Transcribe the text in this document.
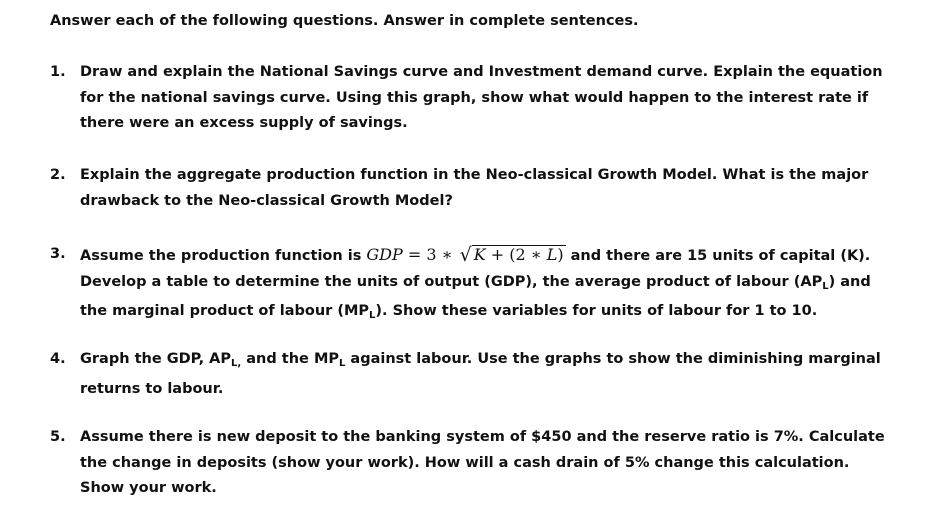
Answer each of the following questions. Answer in complete sentences.
1. Draw and explain the National Savings curve and Investment demand curve. Explain the equation
for the national savings curve. Using this graph, show what would happen to the interest rate if
there were an excess supply of savings.
2. Explain the aggregate production function in the Neo-classical Growth Model. What is the major
drawback to the Neo-classical Growth Model?
3. Assume the production function is GDP = 3 ∗ √ K + (2 ∗ L) and there are 15 units of capital (K).
Develop a table to determine the units of output (GDP), the average product of labour $(AP_L)$ and
the marginal product of labour $(MP_L)$. Show these variables for units of labour for 1 to 10.
4. Graph the GDP, $AP_{L,}$ and the $MP_L$ against labour. Use the graphs to show the diminishing marginal
returns to labour.
5. Assume there is new deposit to the banking system of $450 and the reserve ratio is 7%. Calculate
the change in deposits (show your work). How will a cash drain of 5% change this calculation.
Show your work.
